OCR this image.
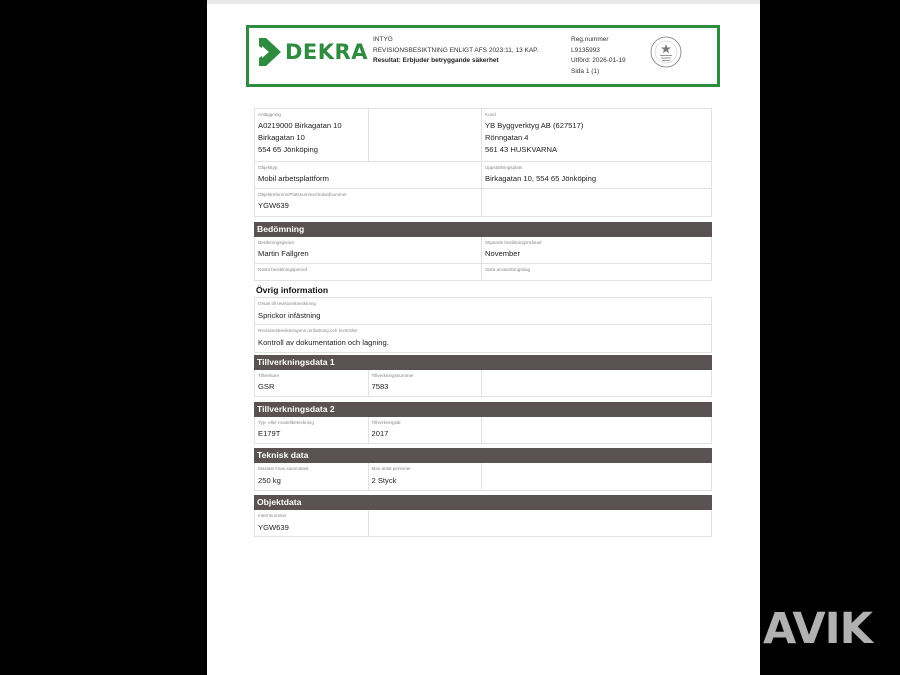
DEKRA
INTYG
REVISIONSBESIKTNING ENLIGT AFS 2023:11, 13 KAP.
Resultat: Erbjuder betryggande säkerhet
Reg.nummer
L9135993
Utförd: 2026-01-19
Sida 1 (1)
Anläggning
A0219000 Birkagatan 10
Birkagatan 10
554 65 Jönköping
Kund
YB Byggverktyg AB (627517)
Rönngatan 4
561 43 HUSKVARNA
Objekttyp
Mobil arbetsplattform
Uppställningsplats
Birkagatan 10, 554 65 Jönköping
Objektreferens/Platsnummer/Indvidnummer
YGW639
Bedömning
Besiktningsgivare
Martin Fallgren
Stipande besiktningsmånad
November
Nästa besiktningsperiod	Sista användningsdag
Övrig information
Orsak till revisionsbesiktning
Sprickor infästning
Revisionsbesiktningens omfattning och kontroller
Kontroll av dokumentation och lagning.
Tillverkningsdata 1
Tillverkare
GSR
Tillverkningsnummer
7583
Tillverkningsdata 2
Typ- eller modellbeteckning
E179T
Tillverkningsår
2017
Teknisk data
Maxlast /max summalast
250 kg
Max antal personer
2 Styck
Objektdata
Internnummer
YGW639
AVIK
